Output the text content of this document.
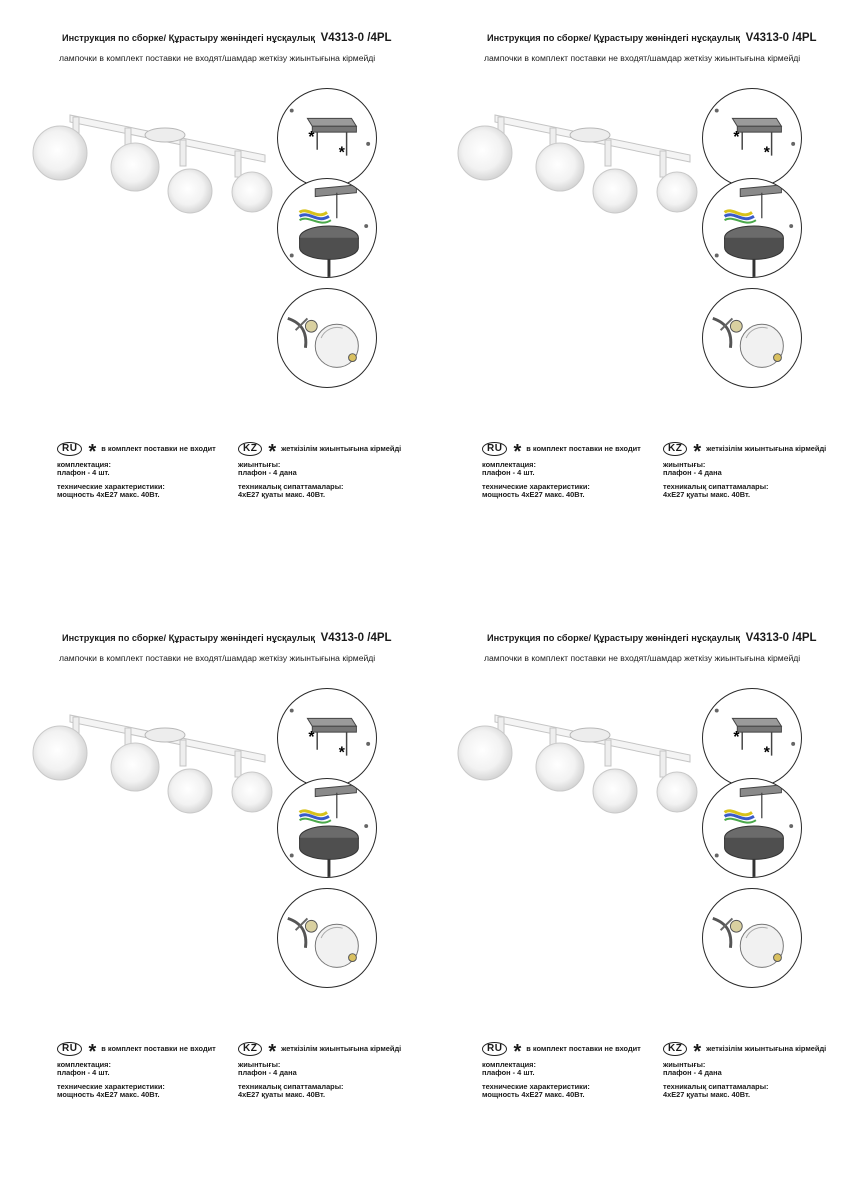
Инструкция по сборке/ Құрастыру жөніндегі нұсқаулық V4313-0 /4PL
лампочки в комплект поставки не входят/шамдар жеткізу жиынтығына кірмейді
*
*
RU * в комплект поставки не входит
комплектация:
плафон - 4 шт.
технические характеристики:
мощность 4хЕ27 макс. 40Вт.
KZ * жеткізілім жиынтығына кірмейді
жиынтығы:
плафон - 4 дана
техникалық сипаттамалары:
4хЕ27 қуаты макс. 40Вт.
Инструкция по сборке/ Құрастыру жөніндегі нұсқаулық V4313-0 /4PL
лампочки в комплект поставки не входят/шамдар жеткізу жиынтығына кірмейді
*
*
RU * в комплект поставки не входит
комплектация:
плафон - 4 шт.
технические характеристики:
мощность 4хЕ27 макс. 40Вт.
KZ * жеткізілім жиынтығына кірмейді
жиынтығы:
плафон - 4 дана
техникалық сипаттамалары:
4хЕ27 қуаты макс. 40Вт.
Инструкция по сборке/ Құрастыру жөніндегі нұсқаулық V4313-0 /4PL
лампочки в комплект поставки не входят/шамдар жеткізу жиынтығына кірмейді
*
*
RU * в комплект поставки не входит
комплектация:
плафон - 4 шт.
технические характеристики:
мощность 4хЕ27 макс. 40Вт.
KZ * жеткізілім жиынтығына кірмейді
жиынтығы:
плафон - 4 дана
техникалық сипаттамалары:
4хЕ27 қуаты макс. 40Вт.
Инструкция по сборке/ Құрастыру жөніндегі нұсқаулық V4313-0 /4PL
лампочки в комплект поставки не входят/шамдар жеткізу жиынтығына кірмейді
*
*
RU * в комплект поставки не входит
комплектация:
плафон - 4 шт.
технические характеристики:
мощность 4хЕ27 макс. 40Вт.
KZ * жеткізілім жиынтығына кірмейді
жиынтығы:
плафон - 4 дана
техникалық сипаттамалары:
4хЕ27 қуаты макс. 40Вт.
